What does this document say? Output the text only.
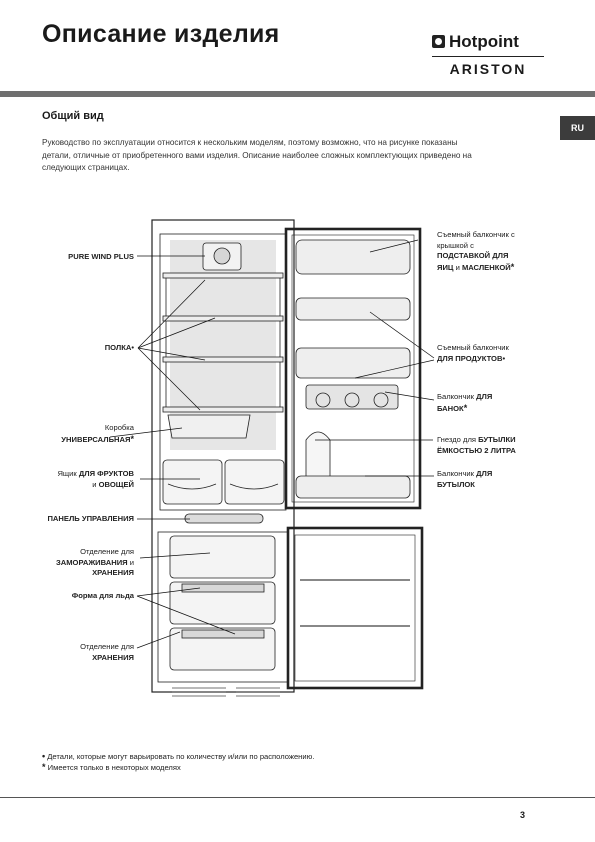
Описание изделия	Hotpoint
ARISTON
RU
Общий вид
Руководство по эксплуатации относится к нескольким моделям, поэтому возможно, что на рисунке показаны
детали, отличные от приобретенного вами изделия. Описание наиболее сложных комплектующих приведено на
следующих страницах.
PURE WIND PLUS
ПОЛКА•
Коробка
УНИВЕРСАЛЬНАЯ*
Ящик ДЛЯ ФРУКТОВ
и ОВОЩЕЙ
ПАНЕЛЬ УПРАВЛЕНИЯ
Отделение для
ЗАМОРАЖИВАНИЯ и
ХРАНЕНИЯ
Форма для льда
Отделение для
ХРАНЕНИЯ
Съемный балкончик с
крышкой с
ПОДСТАВКОЙ ДЛЯ
ЯИЦ и МАСЛЕНКОЙ*
Съемный балкончик
ДЛЯ ПРОДУКТОВ•
Балкончик ДЛЯ
БАНОК*
Гнездо для БУТЫЛКИ
ЁМКОСТЬЮ 2 ЛИТРА
Балкончик ДЛЯ
БУТЫЛОК
• Детали, которые могут варьировать по количеству и/или по расположению.
* Имеется только в некоторых моделях
3
